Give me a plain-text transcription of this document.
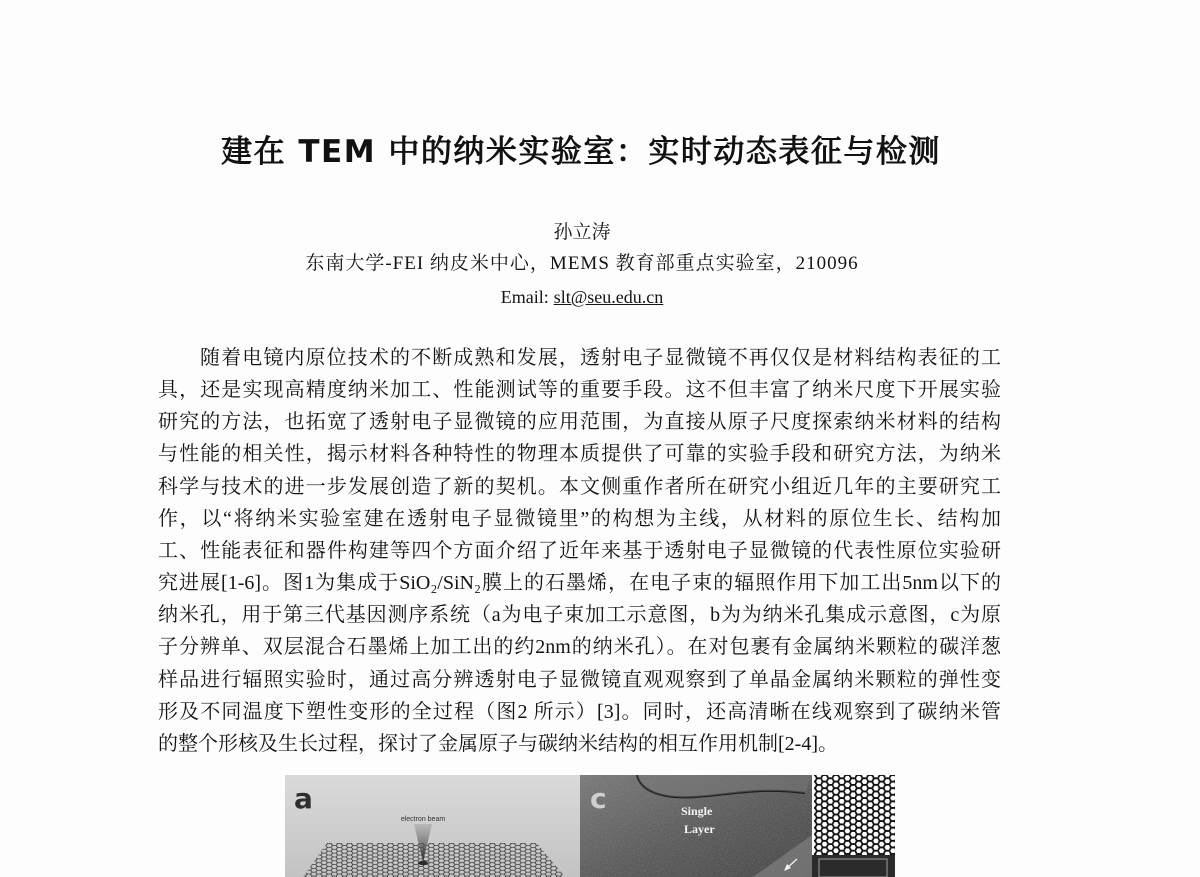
建在 TEM 中的纳米实验室：实时动态表征与检测
孙立涛
东南大学-FEI 纳皮米中心，MEMS 教育部重点实验室，210096
Email: slt@seu.edu.cn
随着电镜内原位技术的不断成熟和发展，透射电子显微镜不再仅仅是材料结构表征的工
具，还是实现高精度纳米加工、性能测试等的重要手段。这不但丰富了纳米尺度下开展实验
研究的方法，也拓宽了透射电子显微镜的应用范围，为直接从原子尺度探索纳米材料的结构
与性能的相关性，揭示材料各种特性的物理本质提供了可靠的实验手段和研究方法，为纳米
科学与技术的进一步发展创造了新的契机。本文侧重作者所在研究小组近几年的主要研究工
作，以“将纳米实验室建在透射电子显微镜里”的构想为主线，从材料的原位生长、结构加
工、性能表征和器件构建等四个方面介绍了近年来基于透射电子显微镜的代表性原位实验研
究进展[1-6]。图1为集成于SiO₂/SiN₂膜上的石墨烯，在电子束的辐照作用下加工出5nm以下的
纳米孔，用于第三代基因测序系统（a为电子束加工示意图，b为为纳米孔集成示意图，c为原
子分辨单、双层混合石墨烯上加工出的约2nm的纳米孔）。在对包裹有金属纳米颗粒的碳洋葱
样品进行辐照实验时，通过高分辨透射电子显微镜直观观察到了单晶金属纳米颗粒的弹性变
形及不同温度下塑性变形的全过程（图2 所示）[3]。同时，还高清晰在线观察到了碳纳米管
的整个形核及生长过程，探讨了金属原子与碳纳米结构的相互作用机制[2-4]。
a
electron beam
c	Single
Layer
